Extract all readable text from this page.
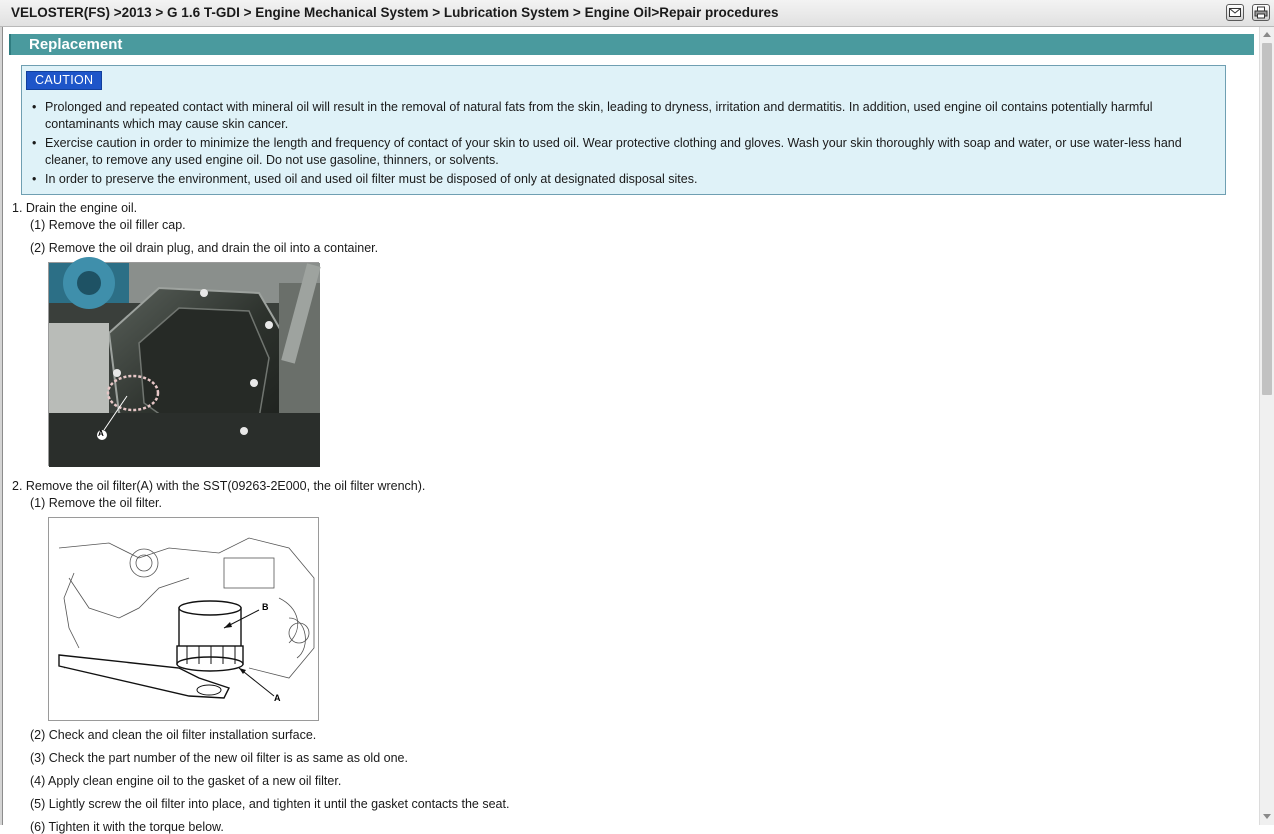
VELOSTER(FS) >2013 > G 1.6 T-GDI > Engine Mechanical System > Lubrication System > Engine Oil>Repair procedures
Replacement
CAUTION
• Prolonged and repeated contact with mineral oil will result in the removal of natural fats from the skin, leading to dryness, irritation and dermatitis. In addition, used engine oil contains potentially harmful contaminants which may cause skin cancer.
• Exercise caution in order to minimize the length and frequency of contact of your skin to used oil. Wear protective clothing and gloves. Wash your skin thoroughly with soap and water, or use water-less hand cleaner, to remove any used engine oil. Do not use gasoline, thinners, or solvents.
• In order to preserve the environment, used oil and used oil filter must be disposed of only at designated disposal sites.
1. Drain the engine oil.
(1) Remove the oil filler cap.
(2) Remove the oil drain plug, and drain the oil into a container.
A
2. Remove the oil filter(A) with the SST(09263-2E000, the oil filter wrench).
(1) Remove the oil filter.
B
A
(2) Check and clean the oil filter installation surface.
(3) Check the part number of the new oil filter is as same as old one.
(4) Apply clean engine oil to the gasket of a new oil filter.
(5) Lightly screw the oil filter into place, and tighten it until the gasket contacts the seat.
(6) Tighten it with the torque below.
